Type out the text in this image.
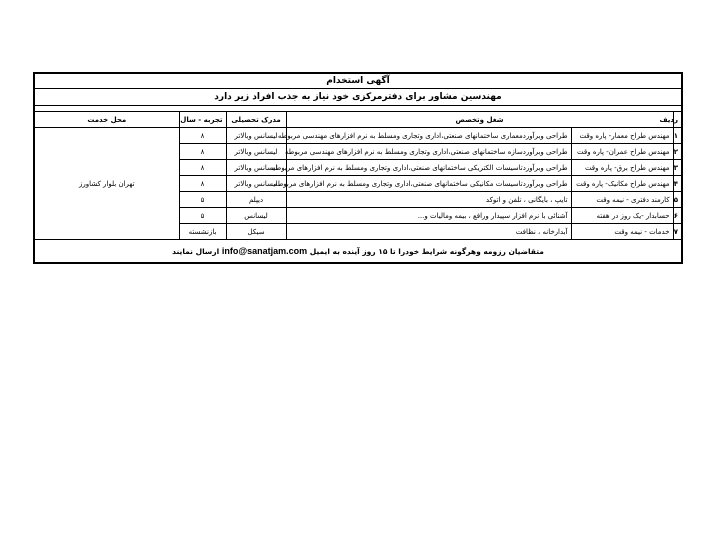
آگهی استخدام					
مهندسین مشاور برای دفترمرکزی خود نیاز به جذب افراد زیر دارد					

ردیف	شغل وتخصص		مدرک تحصیلی	تجربه - سال	محل خدمت
۱	مهندس طراح معمار- پاره وقت	طراحی وبرآوردمعماری ساختمانهای صنعتی،اداری وتجاری ومسلط به نرم افزارهای مهندسی مربوطه	لیسانس وبالاتر	۸	تهران بلوار کشاورز
۲	مهندس طراح عمران- پاره وقت	طراحی وبرآوردسازه ساختمانهای صنعتی،اداری وتجاری ومسلط به نرم افزارهای مهندسی مربوطه	لیسانس وبالاتر	۸	
۳	مهندس طراح برق- پاره وقت	طراحی وبرآوردتاسیسات الکتریکی ساختمانهای صنعتی،اداری وتجاری ومسلط به نرم افزارهای مربوطه	لیسانس وبالاتر	۸	
۴	مهندس طراح مکانیک- پاره وقت	طراحی وبرآوردتاسیسات مکانیکی ساختمانهای صنعتی،اداری وتجاری ومسلط به نرم افزارهای مربوطه	لیسانس وبالاتر	۸	
۵	کارمند دفتری - نیمه وقت	تایپ ، بایگانی ، تلفن و اتوکد	دیپلم	۵	
۶	حسابدار -یک روز در هفته	آشنائی با نرم افزار سپیدار ورافع ، بیمه ومالیات و...	لیسانس	۵	
۷	خدمات - نیمه وقت	آبدارخانه ، نظافت	سیکل	بازنشسته	
متقاضیان رزومه وهرگونه شرایط خودرا تا ۱۵ روز آینده به ایمیل info@sanatjam.com ارسال نمایند					
